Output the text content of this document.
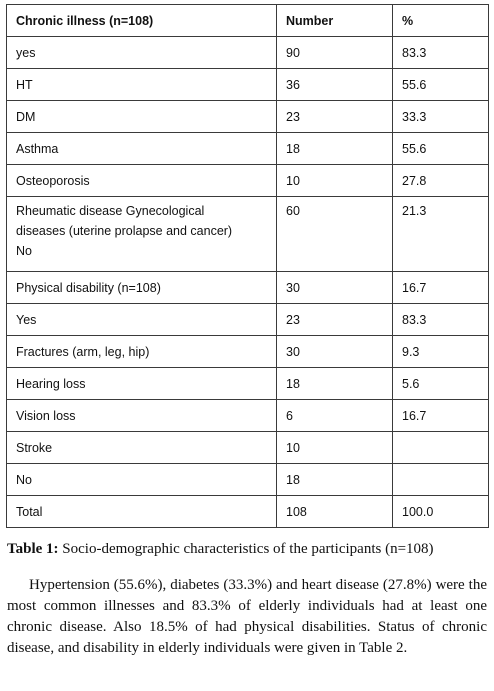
Chronic illness (n=108)	Number	%
yes	90	83.3
HT	36	55.6
DM	23	33.3
Asthma	18	55.6
Osteoporosis	10	27.8
Rheumatic disease Gynecological
diseases (uterine prolapse and cancer)
No	60	21.3
Physical disability (n=108)	30	16.7
Yes	23	83.3
Fractures (arm, leg, hip)	30	9.3
Hearing loss	18	5.6
Vision loss	6	16.7
Stroke	10	
No	18	
Total	108	100.0
Table 1: Socio-demographic characteristics of the participants (n=108)

Hypertension (55.6%), diabetes (33.3%) and heart disease (27.8%) were the most common illnesses and 83.3% of elderly individuals had at least one chronic disease. Also 18.5% of had physical disabilities. Status of chronic disease, and disability in elderly individuals were given in Table 2.
